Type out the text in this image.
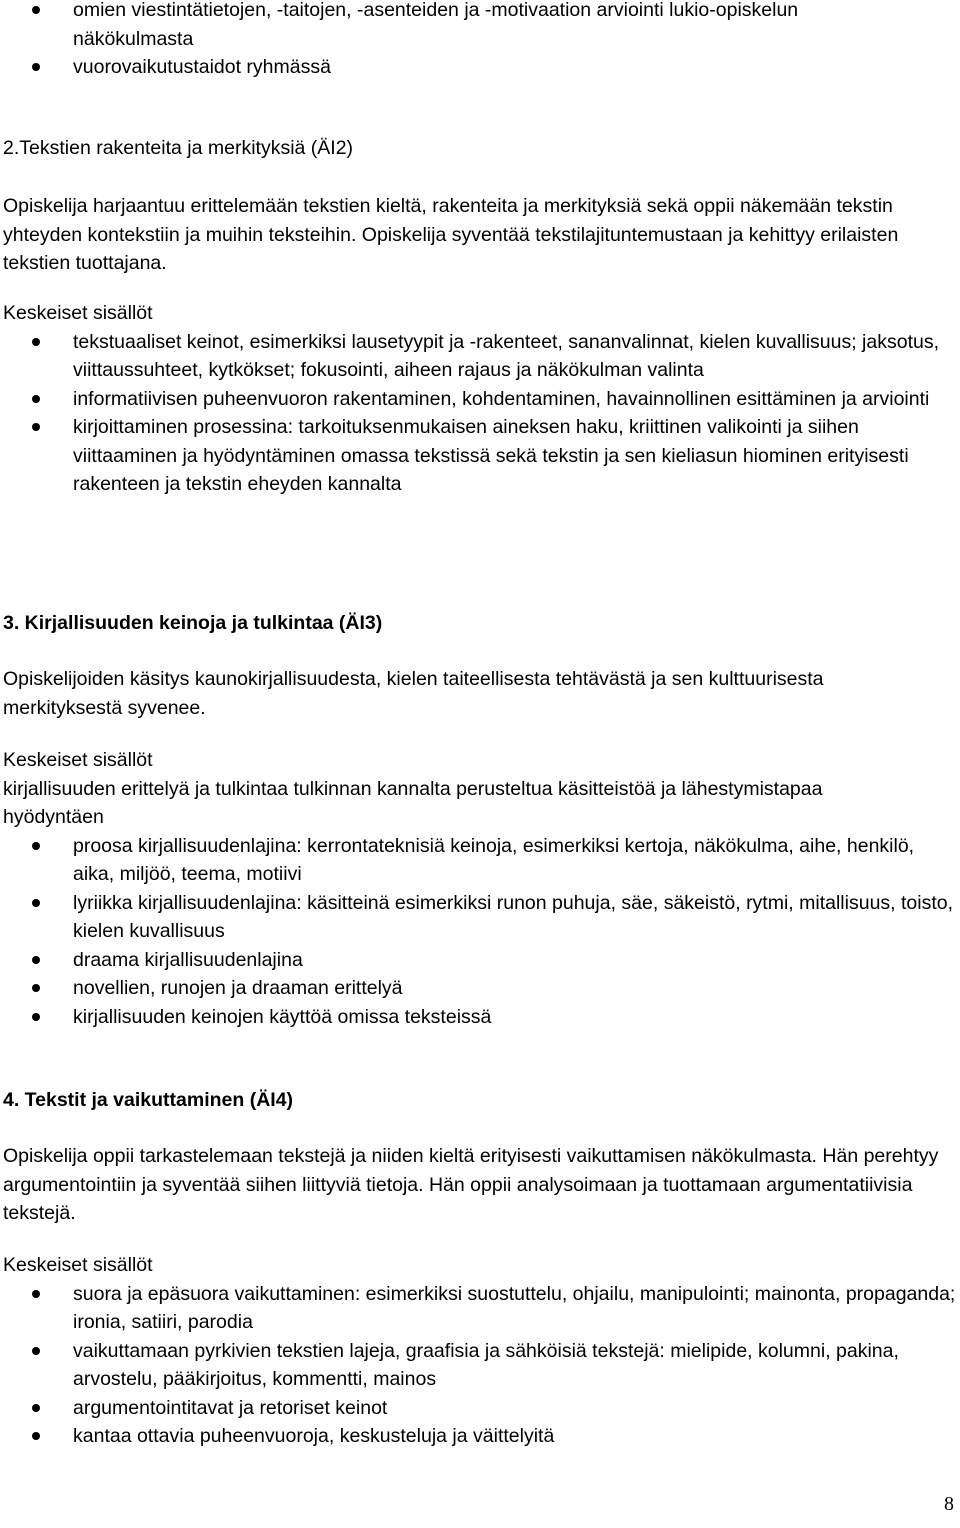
omien viestintätietojen, -taitojen, -asenteiden ja -motivaation arviointi lukio-opiskelun näkökulmasta
vuorovaikutustaidot ryhmässä

2.Tekstien rakenteita ja merkityksiä (ÄI2)

Opiskelija harjaantuu erittelemään tekstien kieltä, rakenteita ja merkityksiä sekä oppii näkemään tekstin yhteyden kontekstiin ja muihin teksteihin. Opiskelija syventää tekstilajituntemustaan ja kehittyy erilaisten tekstien tuottajana.

Keskeiset sisällöt

tekstuaaliset keinot, esimerkiksi lausetyypit ja -rakenteet, sananvalinnat, kielen kuvallisuus; jaksotus, viittaussuhteet, kytkökset; fokusointi, aiheen rajaus ja näkökulman valinta
informatiivisen puheenvuoron rakentaminen, kohdentaminen, havainnollinen esittäminen ja arviointi
kirjoittaminen prosessina: tarkoituksenmukaisen aineksen haku, kriittinen valikointi ja siihen viittaaminen ja hyödyntäminen omassa tekstissä sekä tekstin ja sen kieliasun hiominen erityisesti rakenteen ja tekstin eheyden kannalta

3. Kirjallisuuden keinoja ja tulkintaa (ÄI3)

Opiskelijoiden käsitys kaunokirjallisuudesta, kielen taiteellisesta tehtävästä ja sen kulttuurisesta merkityksestä syvenee.

Keskeiset sisällöt

kirjallisuuden erittelyä ja tulkintaa tulkinnan kannalta perusteltua käsitteistöä ja lähestymistapaa hyödyntäen

proosa kirjallisuudenlajina: kerrontateknisiä keinoja, esimerkiksi kertoja, näkökulma, aihe, henkilö, aika, miljöö, teema, motiivi
lyriikka kirjallisuudenlajina: käsitteinä esimerkiksi runon puhuja, säe, säkeistö, rytmi, mitallisuus, toisto, kielen kuvallisuus
draama kirjallisuudenlajina
novellien, runojen ja draaman erittelyä
kirjallisuuden keinojen käyttöä omissa teksteissä

4. Tekstit ja vaikuttaminen (ÄI4)

Opiskelija oppii tarkastelemaan tekstejä ja niiden kieltä erityisesti vaikuttamisen näkökulmasta. Hän perehtyy argumentointiin ja syventää siihen liittyviä tietoja. Hän oppii analysoimaan ja tuottamaan argumentatiivisia tekstejä.

Keskeiset sisällöt

suora ja epäsuora vaikuttaminen: esimerkiksi suostuttelu, ohjailu, manipulointi; mainonta, propaganda; ironia, satiiri, parodia
vaikuttamaan pyrkivien tekstien lajeja, graafisia ja sähköisiä tekstejä: mielipide, kolumni, pakina, arvostelu, pääkirjoitus, kommentti, mainos
argumentointitavat ja retoriset keinot
kantaa ottavia puheenvuoroja, keskusteluja ja väittelyitä
8
